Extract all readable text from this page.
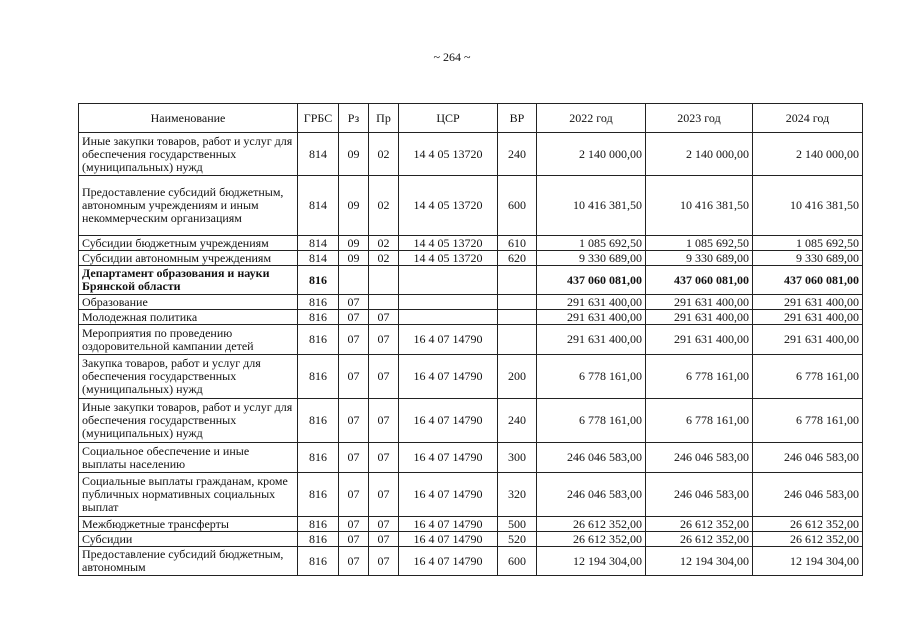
~ 264 ~
Наименование	ГРБС	Рз	Пр	ЦСР	ВР	2022 год	2023 год	2024 год
Иные закупки товаров, работ и услуг для обеспечения государственных (муниципальных) нужд	814	09	02	14 4 05 13720	240	2 140 000,00	2 140 000,00	2 140 000,00
Предоставление субсидий бюджетным, автономным учреждениям и иным некоммерческим организациям	814	09	02	14 4 05 13720	600	10 416 381,50	10 416 381,50	10 416 381,50
Субсидии бюджетным учреждениям	814	09	02	14 4 05 13720	610	1 085 692,50	1 085 692,50	1 085 692,50
Субсидии автономным учреждениям	814	09	02	14 4 05 13720	620	9 330 689,00	9 330 689,00	9 330 689,00
Департамент образования и науки Брянской области	816					437 060 081,00	437 060 081,00	437 060 081,00
Образование	816	07				291 631 400,00	291 631 400,00	291 631 400,00
Молодежная политика	816	07	07			291 631 400,00	291 631 400,00	291 631 400,00
Мероприятия по проведению оздоровительной кампании детей	816	07	07	16 4 07 14790		291 631 400,00	291 631 400,00	291 631 400,00
Закупка товаров, работ и услуг для обеспечения государственных (муниципальных) нужд	816	07	07	16 4 07 14790	200	6 778 161,00	6 778 161,00	6 778 161,00
Иные закупки товаров, работ и услуг для обеспечения государственных (муниципальных) нужд	816	07	07	16 4 07 14790	240	6 778 161,00	6 778 161,00	6 778 161,00
Социальное обеспечение и иные выплаты населению	816	07	07	16 4 07 14790	300	246 046 583,00	246 046 583,00	246 046 583,00
Социальные выплаты гражданам, кроме публичных нормативных социальных выплат	816	07	07	16 4 07 14790	320	246 046 583,00	246 046 583,00	246 046 583,00
Межбюджетные трансферты	816	07	07	16 4 07 14790	500	26 612 352,00	26 612 352,00	26 612 352,00
Субсидии	816	07	07	16 4 07 14790	520	26 612 352,00	26 612 352,00	26 612 352,00
Предоставление субсидий бюджетным, автономным	816	07	07	16 4 07 14790	600	12 194 304,00	12 194 304,00	12 194 304,00
